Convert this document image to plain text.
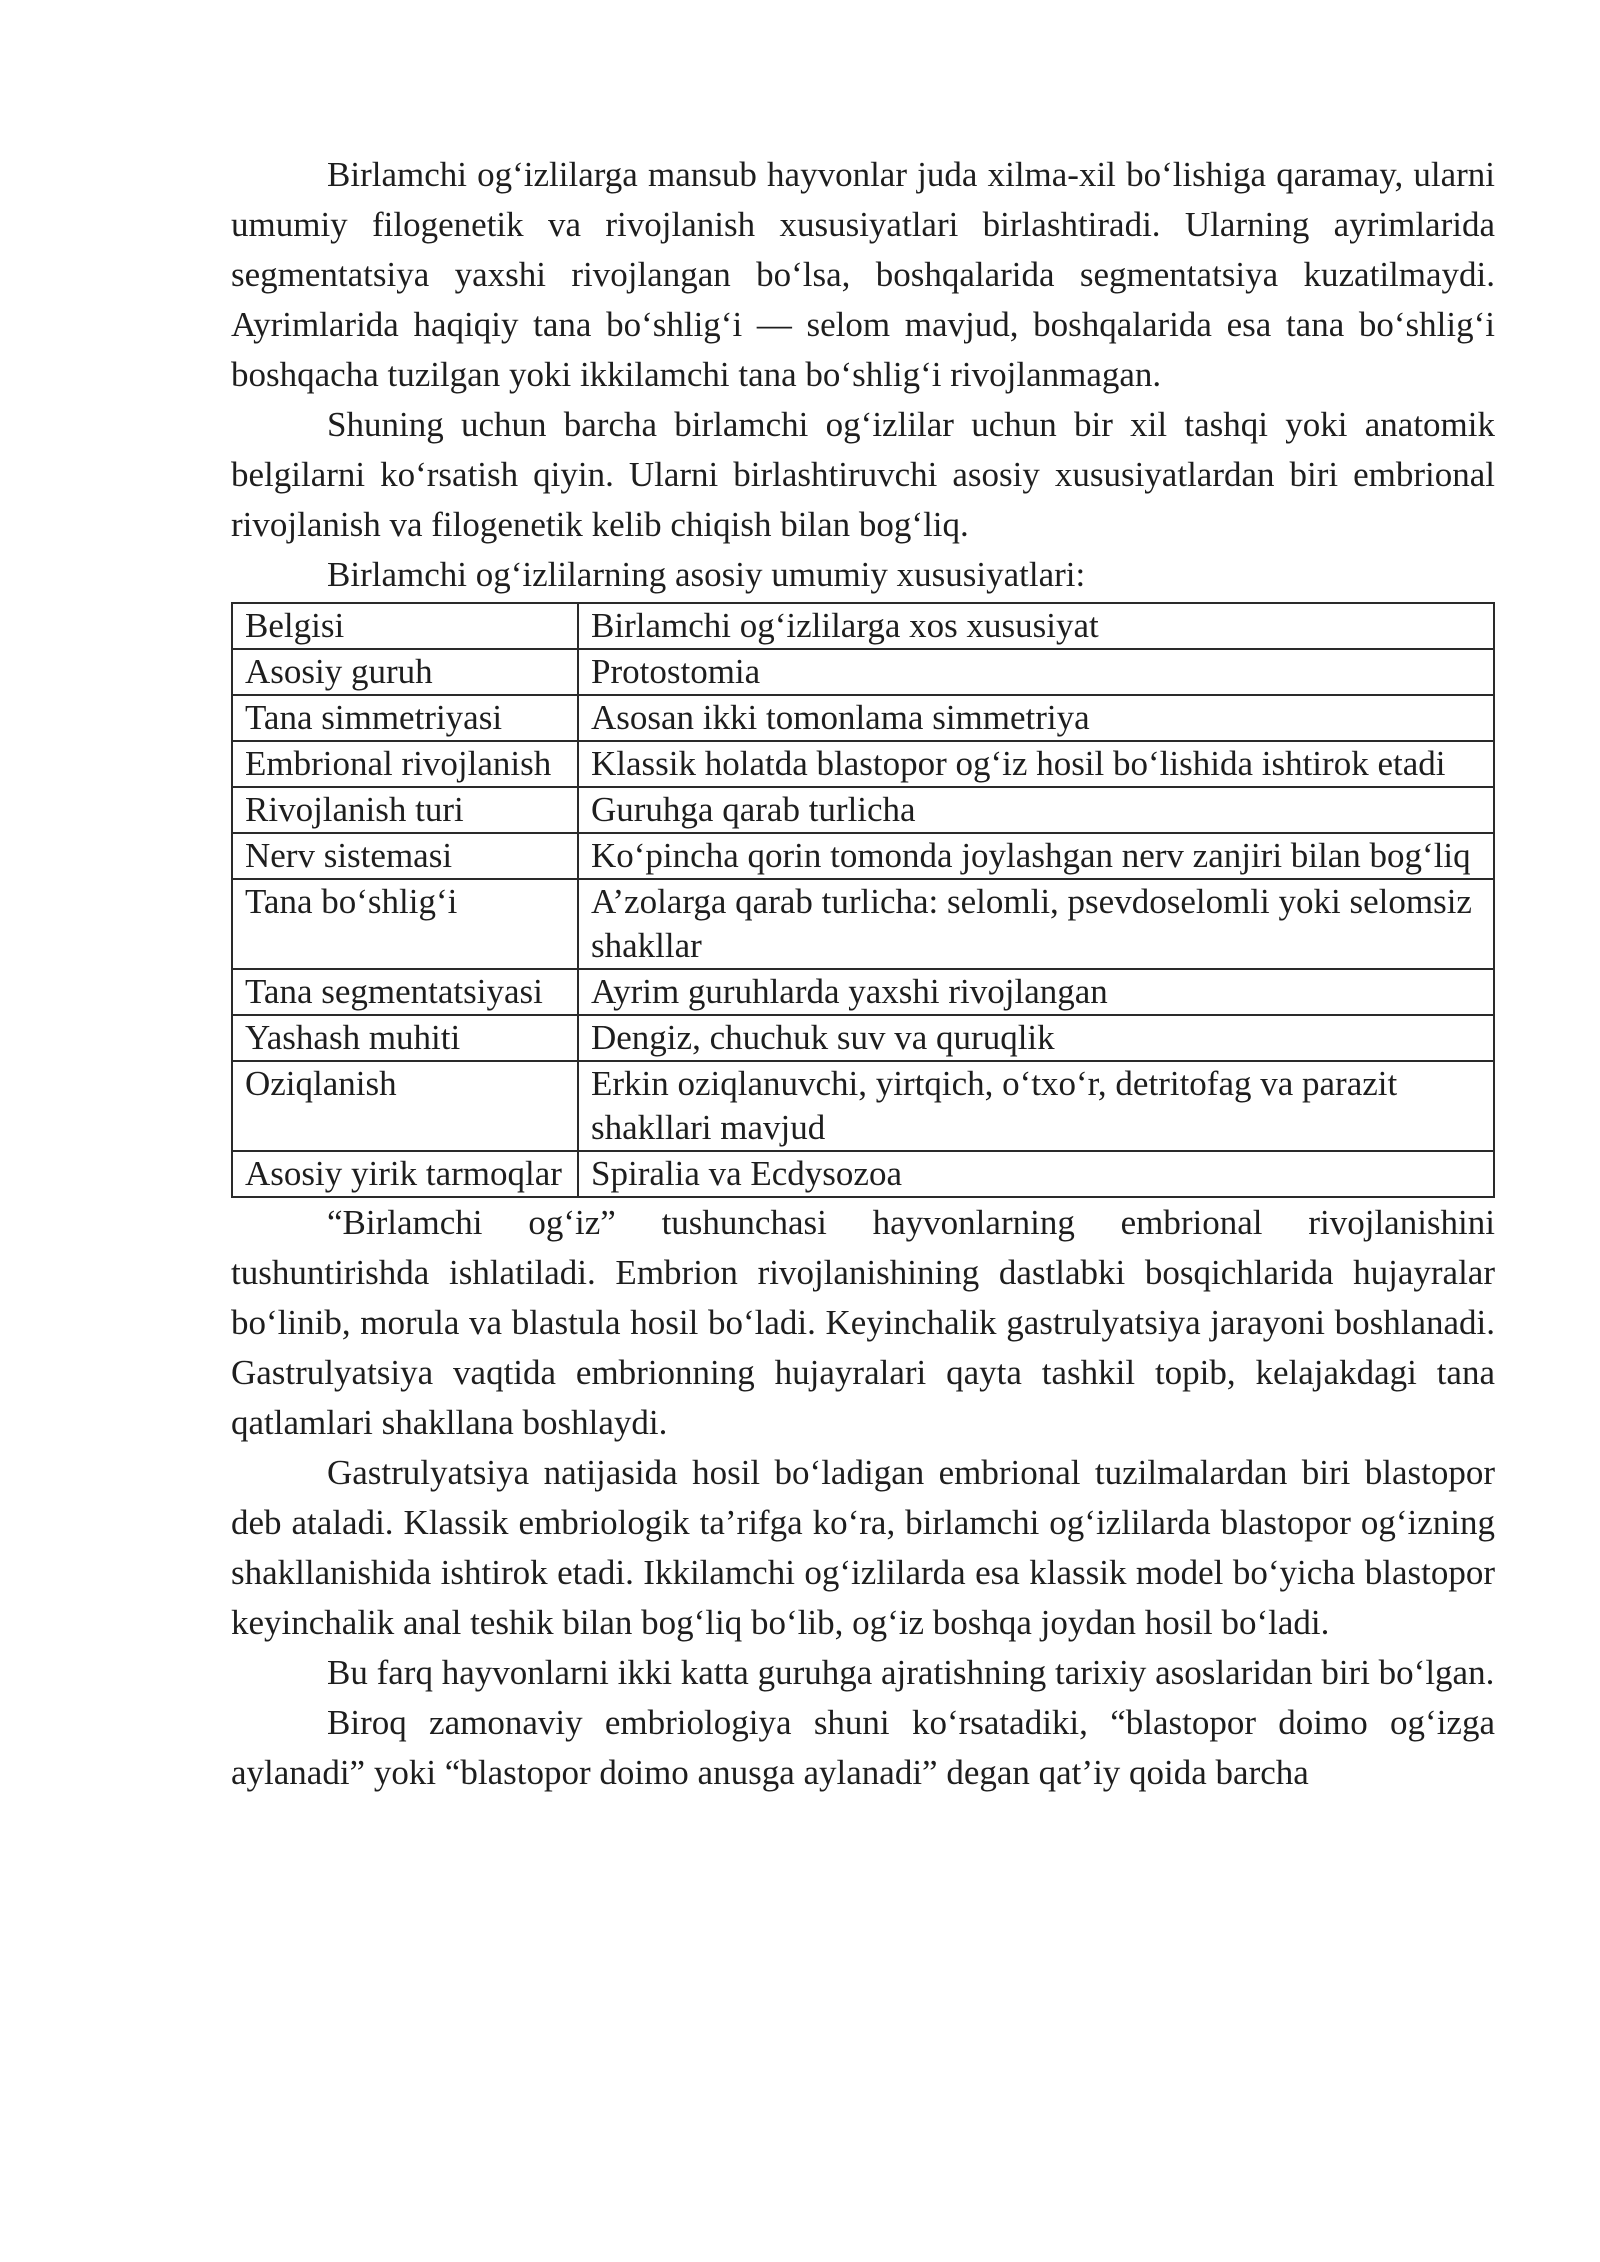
Birlamchi og‘izlilarga mansub hayvonlar juda xilma-xil bo‘lishiga qaramay, ularni umumiy filogenetik va rivojlanish xususiyatlari birlashtiradi. Ularning ayrimlarida segmentatsiya yaxshi rivojlangan bo‘lsa, boshqalarida segmentatsiya kuzatilmaydi. Ayrimlarida haqiqiy tana bo‘shlig‘i — selom mavjud, boshqalarida esa tana bo‘shlig‘i boshqacha tuzilgan yoki ikkilamchi tana bo‘shlig‘i rivojlanmagan.

Shuning uchun barcha birlamchi og‘izlilar uchun bir xil tashqi yoki anatomik belgilarni ko‘rsatish qiyin. Ularni birlashtiruvchi asosiy xususiyatlardan biri embrional rivojlanish va filogenetik kelib chiqish bilan bog‘liq.

Birlamchi og‘izlilarning asosiy umumiy xususiyatlari:

Belgisi	Birlamchi og‘izlilarga xos xususiyat
Asosiy guruh	Protostomia
Tana simmetriyasi	Asosan ikki tomonlama simmetriya
Embrional rivojlanish	Klassik holatda blastopor og‘iz hosil bo‘lishida ishtirok etadi
Rivojlanish turi	Guruhga qarab turlicha
Nerv sistemasi	Ko‘pincha qorin tomonda joylashgan nerv zanjiri bilan bog‘liq
Tana bo‘shlig‘i	A’zolarga qarab turlicha: selomli, psevdoselomli yoki selomsiz shakllar
Tana segmentatsiyasi	Ayrim guruhlarda yaxshi rivojlangan
Yashash muhiti	Dengiz, chuchuk suv va quruqlik
Oziqlanish	Erkin oziqlanuvchi, yirtqich, o‘txo‘r, detritofag va parazit shakllari mavjud
Asosiy yirik tarmoqlar	Spiralia va Ecdysozoa

“Birlamchi og‘iz” tushunchasi hayvonlarning embrional rivojlanishini tushuntirishda ishlatiladi. Embrion rivojlanishining dastlabki bosqichlarida hujayralar bo‘linib, morula va blastula hosil bo‘ladi. Keyinchalik gastrulyatsiya jarayoni boshlanadi. Gastrulyatsiya vaqtida embrionning hujayralari qayta tashkil topib, kelajakdagi tana qatlamlari shakllana boshlaydi.

Gastrulyatsiya natijasida hosil bo‘ladigan embrional tuzilmalardan biri blastopor deb ataladi. Klassik embriologik ta’rifga ko‘ra, birlamchi og‘izlilarda blastopor og‘izning shakllanishida ishtirok etadi. Ikkilamchi og‘izlilarda esa klassik model bo‘yicha blastopor keyinchalik anal teshik bilan bog‘liq bo‘lib, og‘iz boshqa joydan hosil bo‘ladi.

Bu farq hayvonlarni ikki katta guruhga ajratishning tarixiy asoslaridan biri bo‘lgan.

Biroq zamonaviy embriologiya shuni ko‘rsatadiki, “blastopor doimo og‘izga aylanadi” yoki “blastopor doimo anusga aylanadi” degan qat’iy qoida barcha
